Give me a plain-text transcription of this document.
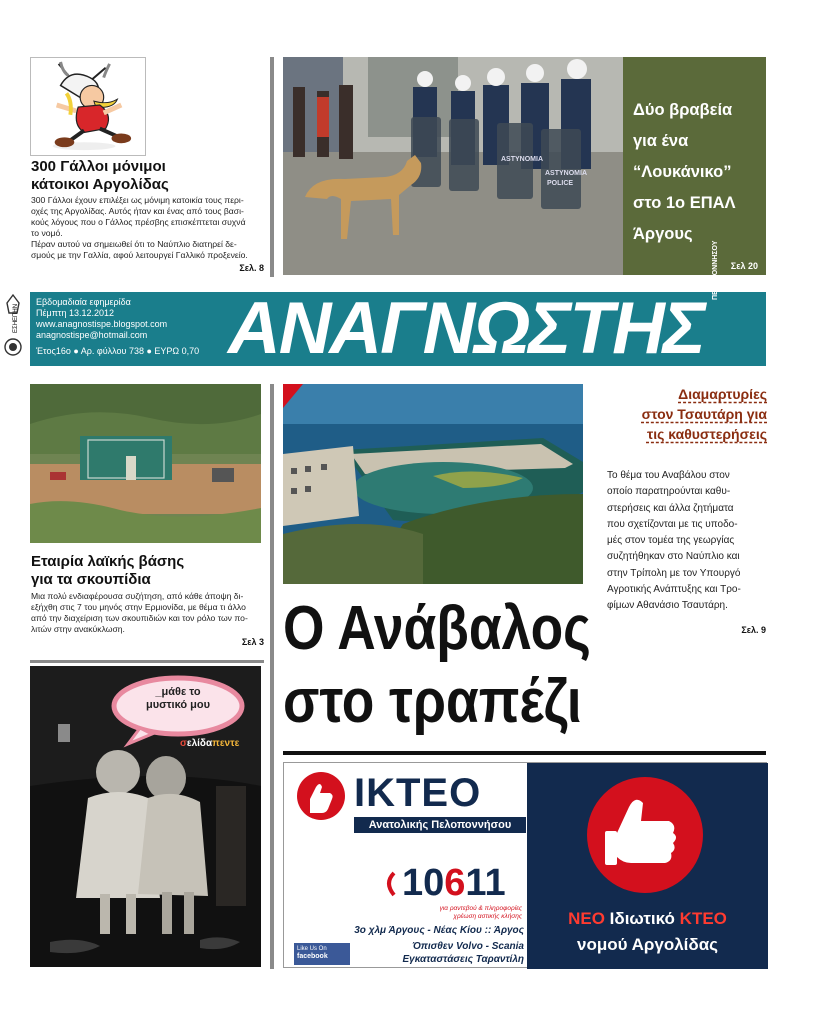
300 Γάλλοι μόνιμοι
κάτοικοι Αργολίδας
300 Γάλλοι έχουν επιλέξει ως μόνιμη κατοικία τους περι-
οχές της Αργολίδας. Αυτός ήταν και ένας από τους βασι-
κούς λόγους που ο Γάλλος πρέσβης επισκέπτεται συχνά
το νομό.
Πέραν αυτού να σημειωθεί ότι το Ναύπλιο διατηρεί δε-
σμούς με την Γαλλία, αφού λειτουργεί Γαλλικό προξενείο.
Σελ. 8
ASTYNOMIA
ASTYNOMIA
POLICE
Δύο βραβεία
για ένα
“Λουκάνικο”
στο 1ο ΕΠΑΛ
Άργους
Σελ 20
ΕΣΗΕΠΗΝ
Εβδομαδιαία εφημερίδα
Πέμπτη 13.12.2012
www.anagnostispe.blogspot.com
anagnostispe@hotmail.com
Έτος16ο ● Αρ. φύλλου 738 ● ΕΥΡΩ 0,70 ΑΝΑΓΝΩΣΤΗΣ
ΠΕΛΟΠΟΝΝΗΣΟΥ
Εταιρία λαϊκής βάσης
για τα σκουπίδια
Μια πολύ ενδιαφέρουσα συζήτηση, από κάθε άποψη δι-
εξήχθη στις 7 του μηνός στην Ερμιονίδα, με θέμα τι άλλο
από την διαχείριση των σκουπιδιών και τον ρόλο των πο-
λιτών στην ανακύκλωση.
Σελ 3
Διαμαρτυρίες
στον Τσαυτάρη για
τις καθυστερήσεις
Το θέμα του Αναβάλου στον
οποίο παρατηρούνται καθυ-
στερήσεις και άλλα ζητήματα
που σχετίζονται με τις υποδο-
μές στον τομέα της γεωργίας
συζητήθηκαν στο Ναύπλιο και
στην Τρίπολη με τον Υπουργό
Αγροτικής Ανάπτυξης και Τρο-
φίμων Αθανάσιο Τσαυτάρη.
Σελ. 9
Ο Ανάβαλος
στο τραπέζι
_μάθε το
μυστικό μου
σελίδαπεντε
ΙΚΤΕΟ
Ανατολικής Πελοποννήσου
10611
για ραντεβού & πληροφορίες
χρέωση αστικής κλήσης
3ο χλμ Άργους - Νέας Κίου :: Άργος
Όπισθεν Volvo - Scania
Εγκαταστάσεις Ταραντίλη
Like Us On
facebook
ΝΕΟ Ιδιωτικό ΚΤΕΟ
νομού Αργολίδας
